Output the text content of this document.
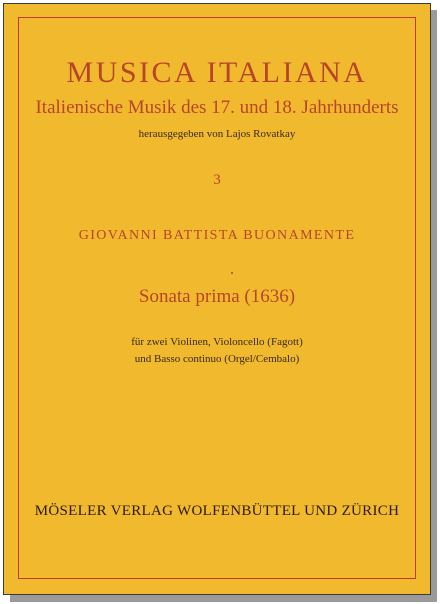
MUSICA ITALIANA
Italienische Musik des 17. und 18. Jahrhunderts
herausgegeben von Lajos Rovatkay
3
GIOVANNI BATTISTA BUONAMENTE
Sonata prima (1636)
für zwei Violinen, Violoncello (Fagott)
und Basso continuo (Orgel/Cembalo)
MÖSELER VERLAG WOLFENBÜTTEL UND ZÜRICH
